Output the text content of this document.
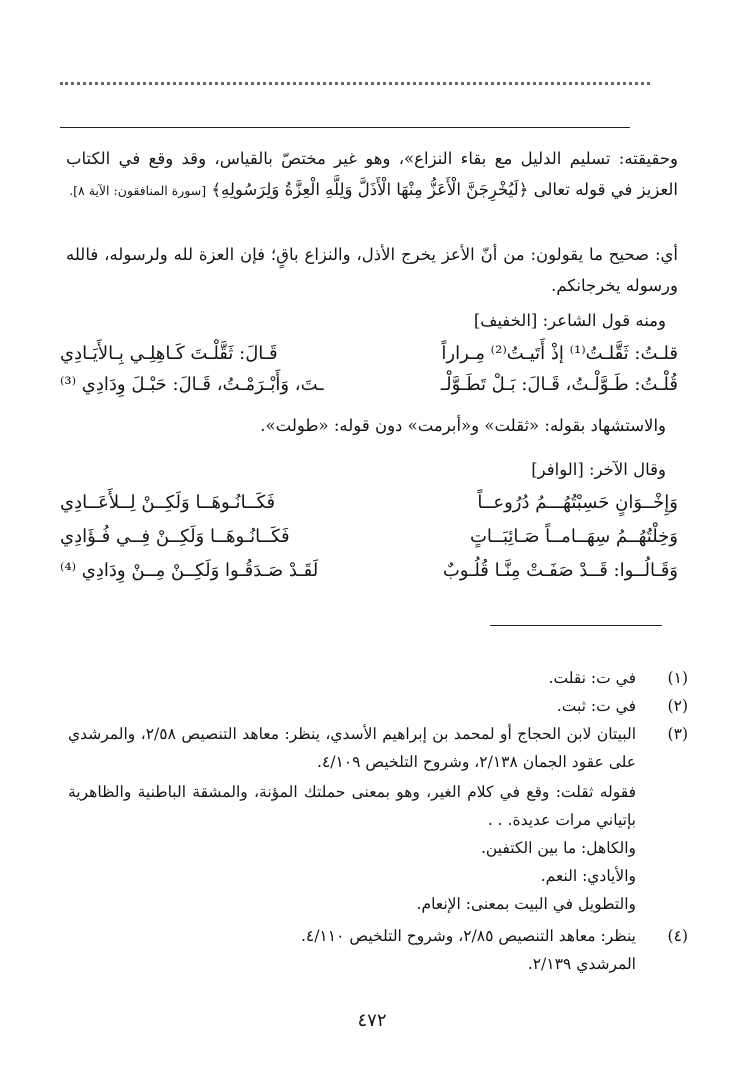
وحقيقته: تسليم الدليل مع بقاء النزاع»، وهو غير مختصّ بالقياس، وقد وقع في الكتاب العزيز في قوله تعالى ﴿لَيُخْرِجَنَّ الْأَعَزُّ مِنْهَا الْأَذَلَّ وَلِلَّهِ الْعِزَّةُ وَلِرَسُولِهِ﴾ [سورة المنافقون: الآية ٨].
أي: صحيح ما يقولون: من أنّ الأعز يخرج الأذل، والنزاع باقٍ؛ فإن العزة لله ولرسوله، فالله ورسوله يخرجانكم.
ومنه قول الشاعر: [الخفيف]
قلـتُ: ثَقَّلـتُ⁽¹⁾ إذْ أَتَيـتُ⁽²⁾ مِـراراً
قَـالَ: ثَقَّلْـتَ كَـاهِلِـي بِـالأَيَـادِي
قُلْـتُ: طَـوَّلْـتُ، قَـالَ: بَـلْ تَطَـوَّلْـ
ـتَ، وَأَبْـرَمْـتُ، قَـالَ: حَبْـلَ وِدَادِي ⁽³⁾
والاستشهاد بقوله: «ثقلت» و«أبرمت» دون قوله: «طولت».
وقال الآخر: [الوافر]
وَإِخْــوَانٍ حَسِبْتُهُـــمُ دُرُوعــاً
فَكَــانُـوهَــا وَلَكِــنْ لِــلأَعَــادِي
وَخِلْتُهُــمُ سِهَــامــاً صَـائِبَــاتٍ
فَكَــانُـوهَــا وَلَكِــنْ فِــي فُـؤَادِي
وَقَـالُــوا: قَــدْ صَفَـتْ مِنَّـا قُلُـوبٌ
لَقَـدْ صَـدَقُـوا وَلَكِــنْ مِــنْ وِدَادِي ⁽⁴⁾
(١)
في ت: نقلت.
(٢)
في ت: ثبت.
(٣)
البيتان لابن الحجاج أو لمحمد بن إبراهيم الأسدي، ينظر: معاهد التنصيص ٢/٥٨، والمرشدي على عقود الجمان ٢/١٣٨، وشروح التلخيص ٤/١٠٩.
فقوله ثقلت: وقع في كلام الغير، وهو بمعنى حملتك المؤنة، والمشقة الباطنية والظاهرية بإتياني مرات عديدة. . .
والكاهل: ما بين الكتفين.
والأيادي: النعم.
والتطويل في البيت بمعنى: الإنعام.
(٤)
ينظر: معاهد التنصيص ٢/٨٥، وشروح التلخيص ٤/١١٠.
المرشدي ٢/١٣٩.
٤٧٢
